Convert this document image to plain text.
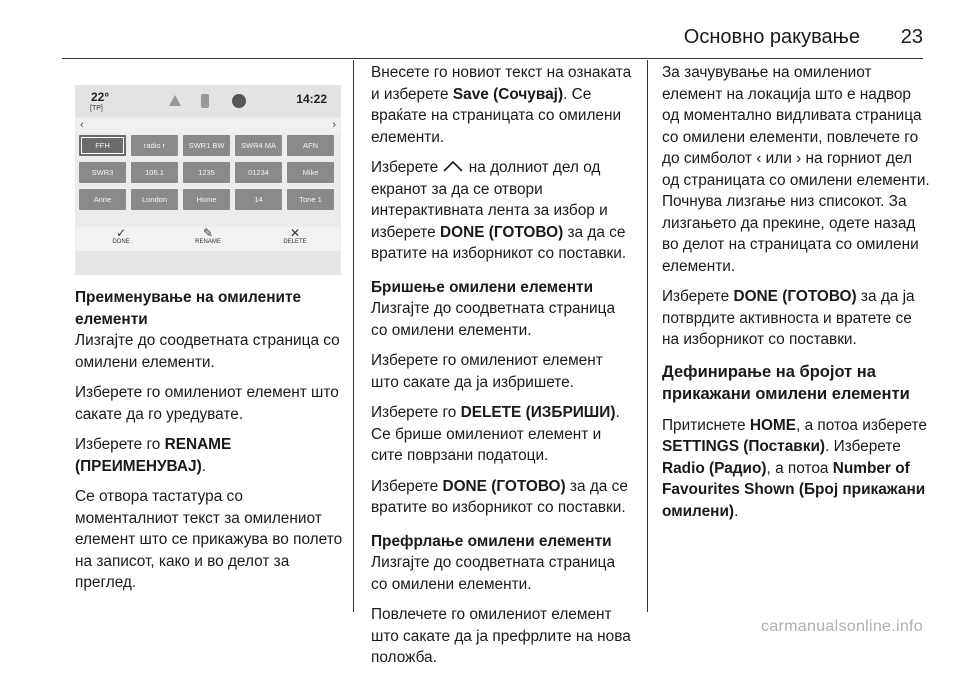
Основно ракување 23
22°
[TP]
14:22
‹	›
FFH	radio r	SWR1 BW	SWR4 MA	AFN
SWR3	106.1	1235	01234	Mike
Anne	London	Home	14	Tone 1
✓
DONE
✎
RENAME
✕
DELETE

Преименување на омилените елементи

Лизгајте до соодветната страница со омилени елементи.

Изберете го омилениот елемент што сакате да го уредувате.

Изберете го RENAME (ПРЕИМЕНУВАЈ).

Се отвора тастатура со моменталниот текст за омилениот елемент што се прикажува во полето на записот, како и во делот за преглед.

Внесете го новиот текст на ознаката и изберете Save (Сочувај). Се враќате на страницата со омилени елементи.

Изберете  на долниот дел од екранот за да се отвори интерактивната лента за избор и изберете DONE (ГОТОВО) за да се вратите на изборникот со поставки.

Бришење омилени елементи

Лизгајте до соодветната страница со омилени елементи.

Изберете го омилениот елемент што сакате да ја избришете.

Изберете го DELETE (ИЗБРИШИ). Се брише омилениот елемент и сите поврзани податоци.

Изберете DONE (ГОТОВО) за да се вратите во изборникот со поставки.

Префрлање омилени елементи

Лизгајте до соодветната страница со омилени елементи.

Повлечете го омилениот елемент што сакате да ја префрлите на нова положба.

За зачувување на омилениот елемент на локација што е надвор од моментално видливата страница со омилени елементи, повлечете го до симболот ‹ или › на горниот дел од страницата со омилени елементи. Почнува лизгање низ списокот. За лизгањето да прекине, одете назад во делот на страницата со омилени елементи.

Изберете DONE (ГОТОВО) за да ја потврдите активноста и вратете се на изборникот со поставки.

Дефинирање на бројот на прикажани омилени елементи

Притиснете HOME, а потоа изберете SETTINGS (Поставки). Изберете Radio (Радио), а потоа Number of Favourites Shown (Број прикажани омилени).

carmanualsonline.info
